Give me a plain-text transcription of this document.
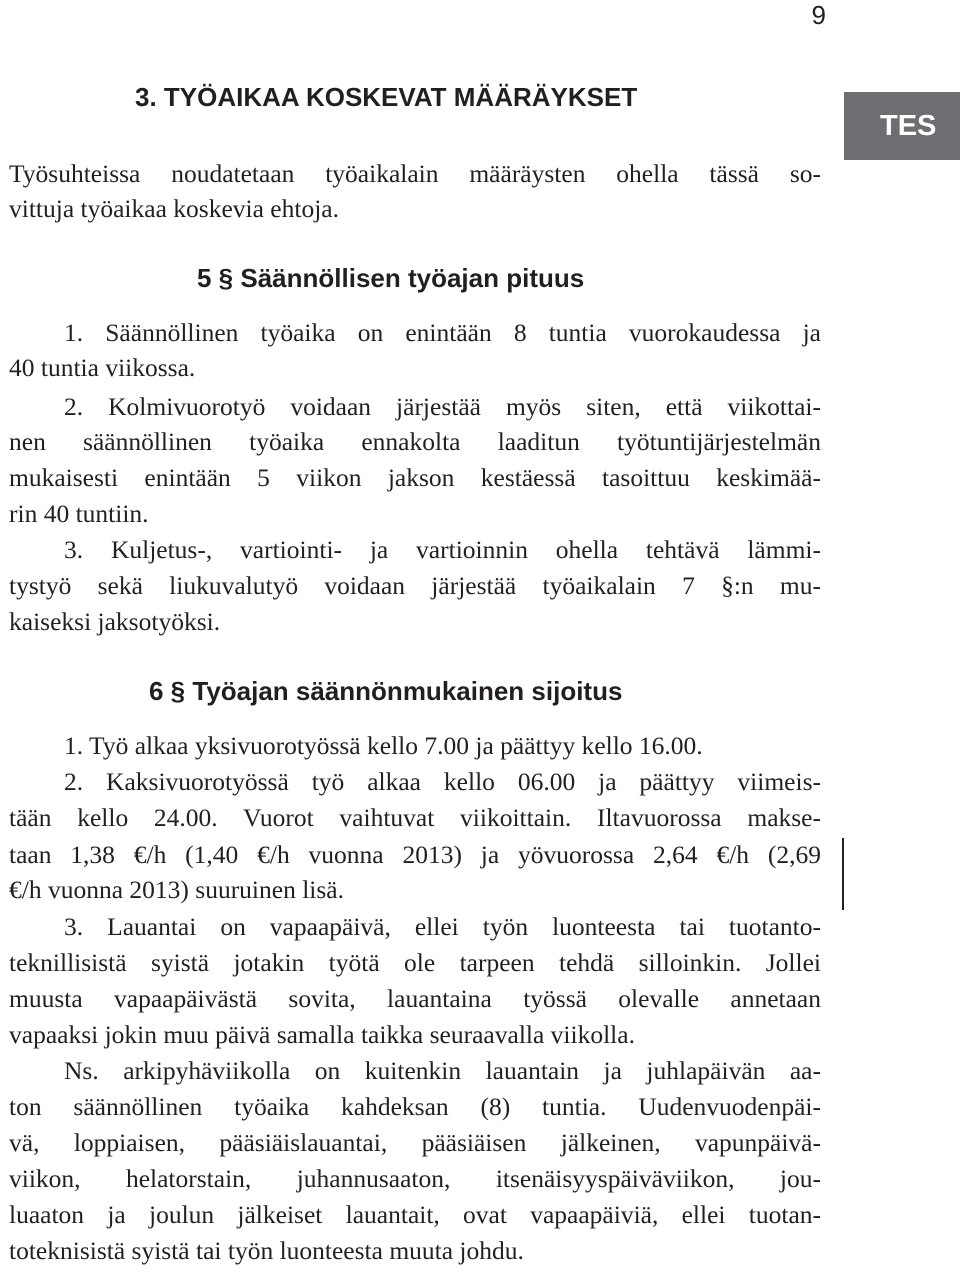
9
TES
3. TYÖAIKAA KOSKEVAT MÄÄRÄYKSET
Työsuhteissa noudatetaan työaikalain määräysten ohella tässä so-
vittuja työaikaa koskevia ehtoja.
5 § Säännöllisen työajan pituus
1. Säännöllinen työaika on enintään 8 tuntia vuorokaudessa ja
40 tuntia viikossa.
2. Kolmivuorotyö voidaan järjestää myös siten, että viikottai-
nen säännöllinen työaika ennakolta laaditun työtuntijärjestelmän
mukaisesti enintään 5 viikon jakson kestäessä tasoittuu keskimää-
rin 40 tuntiin.
3. Kuljetus-, vartiointi- ja vartioinnin ohella tehtävä lämmi-
tystyö sekä liukuvalutyö voidaan järjestää työaikalain 7 §:n mu-
kaiseksi jaksotyöksi.
6 § Työajan säännönmukainen sijoitus
1. Työ alkaa yksivuorotyössä kello 7.00 ja päättyy kello 16.00.
2. Kaksivuorotyössä työ alkaa kello 06.00 ja päättyy viimeis-
tään kello 24.00. Vuorot vaihtuvat viikoittain. Iltavuorossa makse-
taan 1,38 €/h (1,40 €/h vuonna 2013) ja yövuorossa 2,64 €/h (2,69
€/h vuonna 2013) suuruinen lisä.
3. Lauantai on vapaapäivä, ellei työn luonteesta tai tuotanto-
teknillisistä syistä jotakin työtä ole tarpeen tehdä silloinkin. Jollei
muusta vapaapäivästä sovita, lauantaina työssä olevalle annetaan
vapaaksi jokin muu päivä samalla taikka seuraavalla viikolla.
Ns. arkipyhäviikolla on kuitenkin lauantain ja juhlapäivän aa-
ton säännöllinen työaika kahdeksan (8) tuntia. Uudenvuodenpäi-
vä, loppiaisen, pääsiäislauantai, pääsiäisen jälkeinen, vapunpäivä-
viikon, helatorstain, juhannusaaton, itsenäisyyspäiväviikon, jou-
luaaton ja joulun jälkeiset lauantait, ovat vapaapäiviä, ellei tuotan-
toteknisistä syistä tai työn luonteesta muuta johdu.
